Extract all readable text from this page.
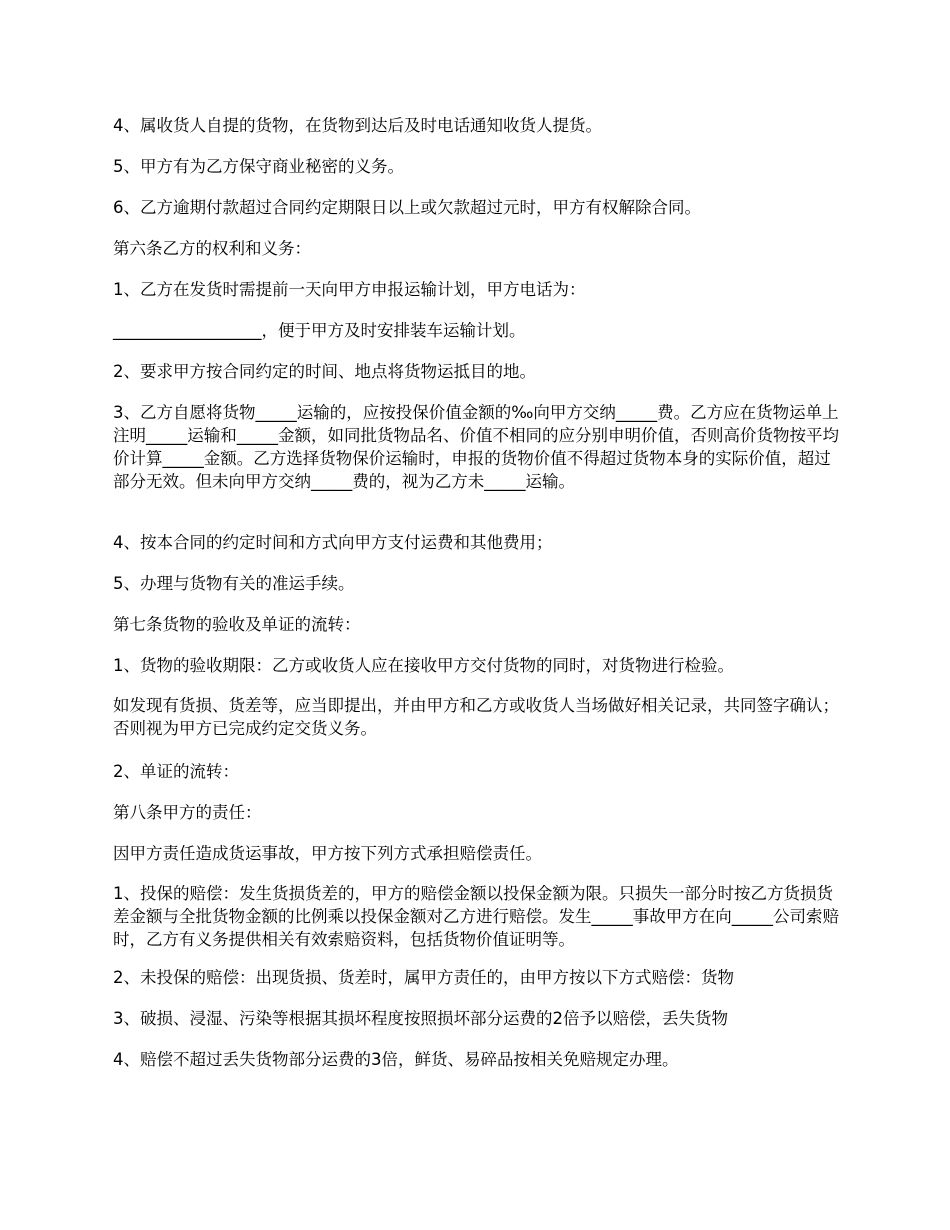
4、属收货人自提的货物，在货物到达后及时电话通知收货人提货。

5、甲方有为乙方保守商业秘密的义务。

6、乙方逾期付款超过合同约定期限日以上或欠款超过元时，甲方有权解除合同。

第六条乙方的权利和义务：

1、乙方在发货时需提前一天向甲方申报运输计划，甲方电话为：

__________________，便于甲方及时安排装车运输计划。

2、要求甲方按合同约定的时间、地点将货物运抵目的地。

3、乙方自愿将货物_____运输的，应按投保价值金额的‰向甲方交纳_____费。乙方应在货物运单上注明_____运输和_____金额，如同批货物品名、价值不相同的应分别申明价值，否则高价货物按平均价计算_____金额。乙方选择货物保价运输时，申报的货物价值不得超过货物本身的实际价值，超过部分无效。但未向甲方交纳_____费的，视为乙方未_____运输。

4、按本合同的约定时间和方式向甲方支付运费和其他费用；

5、办理与货物有关的准运手续。

第七条货物的验收及单证的流转：

1、货物的验收期限：乙方或收货人应在接收甲方交付货物的同时，对货物进行检验。

如发现有货损、货差等，应当即提出，并由甲方和乙方或收货人当场做好相关记录，共同签字确认；否则视为甲方已完成约定交货义务。

2、单证的流转：

第八条甲方的责任：

因甲方责任造成货运事故，甲方按下列方式承担赔偿责任。

1、投保的赔偿：发生货损货差的，甲方的赔偿金额以投保金额为限。只损失一部分时按乙方货损货差金额与全批货物金额的比例乘以投保金额对乙方进行赔偿。发生_____事故甲方在向_____公司索赔时，乙方有义务提供相关有效索赔资料，包括货物价值证明等。

2、未投保的赔偿：出现货损、货差时，属甲方责任的，由甲方按以下方式赔偿：货物

3、破损、浸湿、污染等根据其损坏程度按照损坏部分运费的2倍予以赔偿，丢失货物

4、赔偿不超过丢失货物部分运费的3倍，鲜货、易碎品按相关免赔规定办理。
